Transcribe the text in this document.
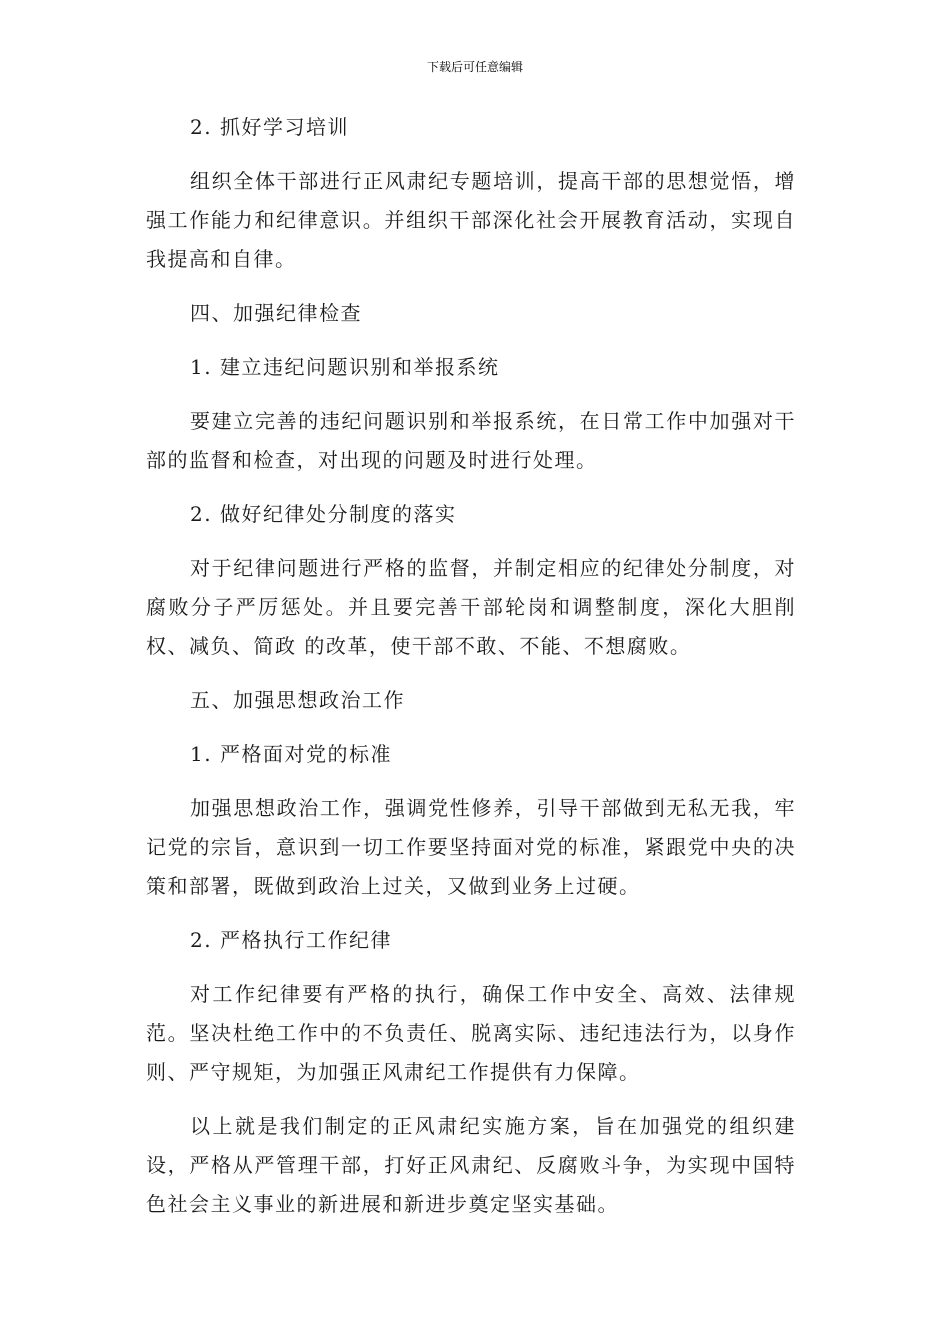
下载后可任意编辑

2. 抓好学习培训

组织全体干部进行正风肃纪专题培训，提高干部的思想觉悟，增强工作能力和纪律意识。并组织干部深化社会开展教育活动，实现自我提高和自律。

四、加强纪律检查

1. 建立违纪问题识别和举报系统

要建立完善的违纪问题识别和举报系统，在日常工作中加强对干部的监督和检查，对出现的问题及时进行处理。

2. 做好纪律处分制度的落实

对于纪律问题进行严格的监督，并制定相应的纪律处分制度，对腐败分子严厉惩处。并且要完善干部轮岗和调整制度，深化大胆削权、减负、简政 的改革，使干部不敢、不能、不想腐败。

五、加强思想政治工作

1. 严格面对党的标准

加强思想政治工作，强调党性修养，引导干部做到无私无我，牢记党的宗旨，意识到一切工作要坚持面对党的标准，紧跟党中央的决策和部署，既做到政治上过关，又做到业务上过硬。

2. 严格执行工作纪律

对工作纪律要有严格的执行，确保工作中安全、高效、法律规范。坚决杜绝工作中的不负责任、脱离实际、违纪违法行为，以身作则、严守规矩，为加强正风肃纪工作提供有力保障。

以上就是我们制定的正风肃纪实施方案，旨在加强党的组织建设，严格从严管理干部，打好正风肃纪、反腐败斗争，为实现中国特色社会主义事业的新进展和新进步奠定坚实基础。
